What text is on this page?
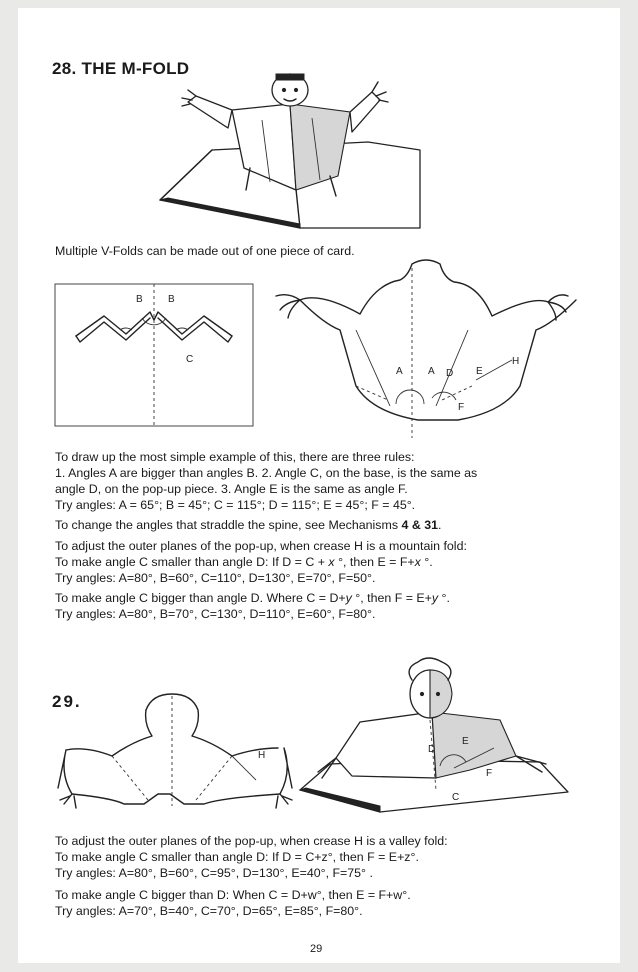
28. THE M-FOLD
Multiple V-Folds can be made out of one piece of card.
B	B
C
A	A D E
F
H
To draw up the most simple example of this, there are three rules:
1. Angles A are bigger than angles B. 2. Angle C, on the base, is the same as
angle D, on the pop-up piece. 3. Angle E is the same as angle F.
Try angles: A = 65°; B = 45°; C = 115°; D = 115°; E = 45°; F = 45°.
To change the angles that straddle the spine, see Mechanisms 4 & 31.
To adjust the outer planes of the pop-up, when crease H is a mountain fold:
To make angle C smaller than angle D: If D = C + x °, then E = F+x °.
Try angles: A=80°, B=60°, C=110°, D=130°, E=70°, F=50°.
To make angle C bigger than angle D. Where C = D+y °, then F = E+y °.
Try angles: A=80°, B=70°, C=130°, D=110°, E=60°, F=80°.
29.
H
D
E
F
C
To adjust the outer planes of the pop-up, when crease H is a valley fold:
To make angle C smaller than angle D: If D = C+z°, then F = E+z°.
Try angles: A=80°, B=60°, C=95°, D=130°, E=40°, F=75° .
To make angle C bigger than D: When C = D+w°, then E = F+w°.
Try angles: A=70°, B=40°, C=70°, D=65°, E=85°, F=80°.
29
